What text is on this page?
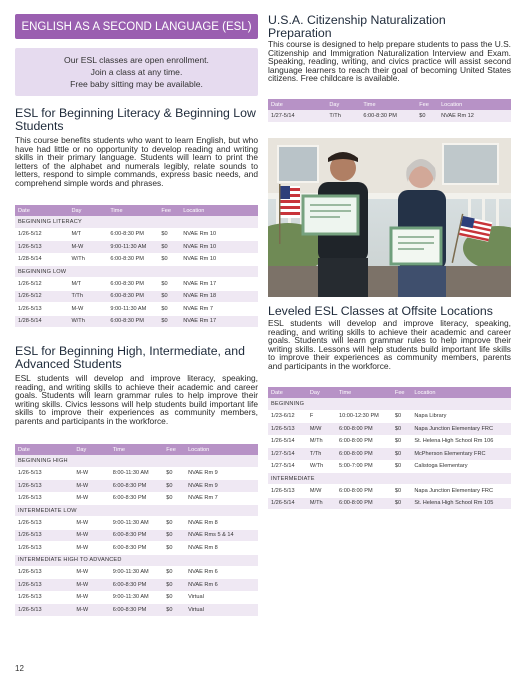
ENGLISH AS A SECOND LANGUAGE (ESL)
Our ESL classes are open enrollment.
Join a class at any time.
Free baby sitting may be available.
ESL for Beginning Literacy & Beginning Low Students
This course benefits students who want to learn English, but who have had little or no opportunity to develop reading and writing skills in their primary language. Students will learn to print the letters of the alphabet and numerals legibly, relate sounds to letters, respond to simple commands, express basic needs, and comprehend simple words and phrases.
Date	Day	Time	Fee	Location
BEGINNING LITERACY				
1/26-5/12	M/T	6:00-8:30 PM	$0	NVAE Rm 10
1/26-5/13	M-W	9:00-11:30 AM	$0	NVAE Rm 10
1/28-5/14	W/Th	6:00-8:30 PM	$0	NVAE Rm 10
BEGINNING LOW				
1/26-5/12	M/T	6:00-8:30 PM	$0	NVAE Rm 17
1/26-5/12	T/Th	6:00-8:30 PM	$0	NVAE Rm 18
1/26-5/13	M-W	9:00-11:30 AM	$0	NVAE Rm 7
1/28-5/14	W/Th	6:00-8:30 PM	$0	NVAE Rm 17
ESL for Beginning High, Intermediate, and Advanced Students
ESL students will develop and improve literacy, speaking, reading, and writing skills to achieve their academic and career goals. Students will learn grammar rules to help improve their writing skills. Civics lessons will help students build important life skills to improve their experiences as community members, parents and participants in the workforce.
Date	Day	Time	Fee	Location
BEGINNING HIGH				
1/26-5/13	M-W	8:00-11:30 AM	$0	NVAE Rm 9
1/26-5/13	M-W	6:00-8:30 PM	$0	NVAE Rm 9
1/26-5/13	M-W	6:00-8:30 PM	$0	NVAE Rm 7
INTERMEDIATE LOW				
1/26-5/13	M-W	9:00-11:30 AM	$0	NVAE Rm 8
1/26-5/13	M-W	6:00-8:30 PM	$0	NVAE Rms 5 & 14
1/26-5/13	M-W	6:00-8:30 PM	$0	NVAE Rm 8
INTERMEDIATE HIGH TO ADVANCED				
1/26-5/13	M-W	9:00-11:30 AM	$0	NVAE Rm 6
1/26-5/13	M-W	6:00-8:30 PM	$0	NVAE Rm 6
1/26-5/13	M-W	9:00-11:30 AM	$0	Virtual
1/26-5/13	M-W	6:00-8:30 PM	$0	Virtual
U.S.A. Citizenship Naturalization Preparation
This course is designed to help prepare students to pass the U.S. Citizenship and Immigration Naturalization Interview and Exam. Speaking, reading, writing, and civics practice will assist second language learners to reach their goal of becoming United States citizens. Free childcare is available.
Date	Day	Time	Fee	Location
1/27-5/14	T/Th	6:00-8:30 PM	$0	NVAE Rm 12
Leveled ESL Classes at Offsite Locations
ESL students will develop and improve literacy, speaking, reading, and writing skills to achieve their academic and career goals. Students will learn grammar rules to help improve their writing skills. Lessons will help students build important life skills to improve their experiences as community members, parents and participants in the workforce.
Date	Day	Time	Fee	Location
BEGINNING				
1/23-6/12	F	10:00-12:30 PM	$0	Napa Library
1/26-5/13	M/W	6:00-8:00 PM	$0	Napa Junction Elementary FRC
1/26-5/14	M/Th	6:00-8:00 PM	$0	St. Helena High School Rm 106
1/27-5/14	T/Th	6:00-8:00 PM	$0	McPherson Elementary FRC
1/27-5/14	W/Th	5:00-7:00 PM	$0	Calistoga Elementary
INTERMEDIATE				
1/26-5/13	M/W	6:00-8:00 PM	$0	Napa Junction Elementary FRC
1/26-5/14	M/Th	6:00-8:00 PM	$0	St. Helena High School Rm 105
12
